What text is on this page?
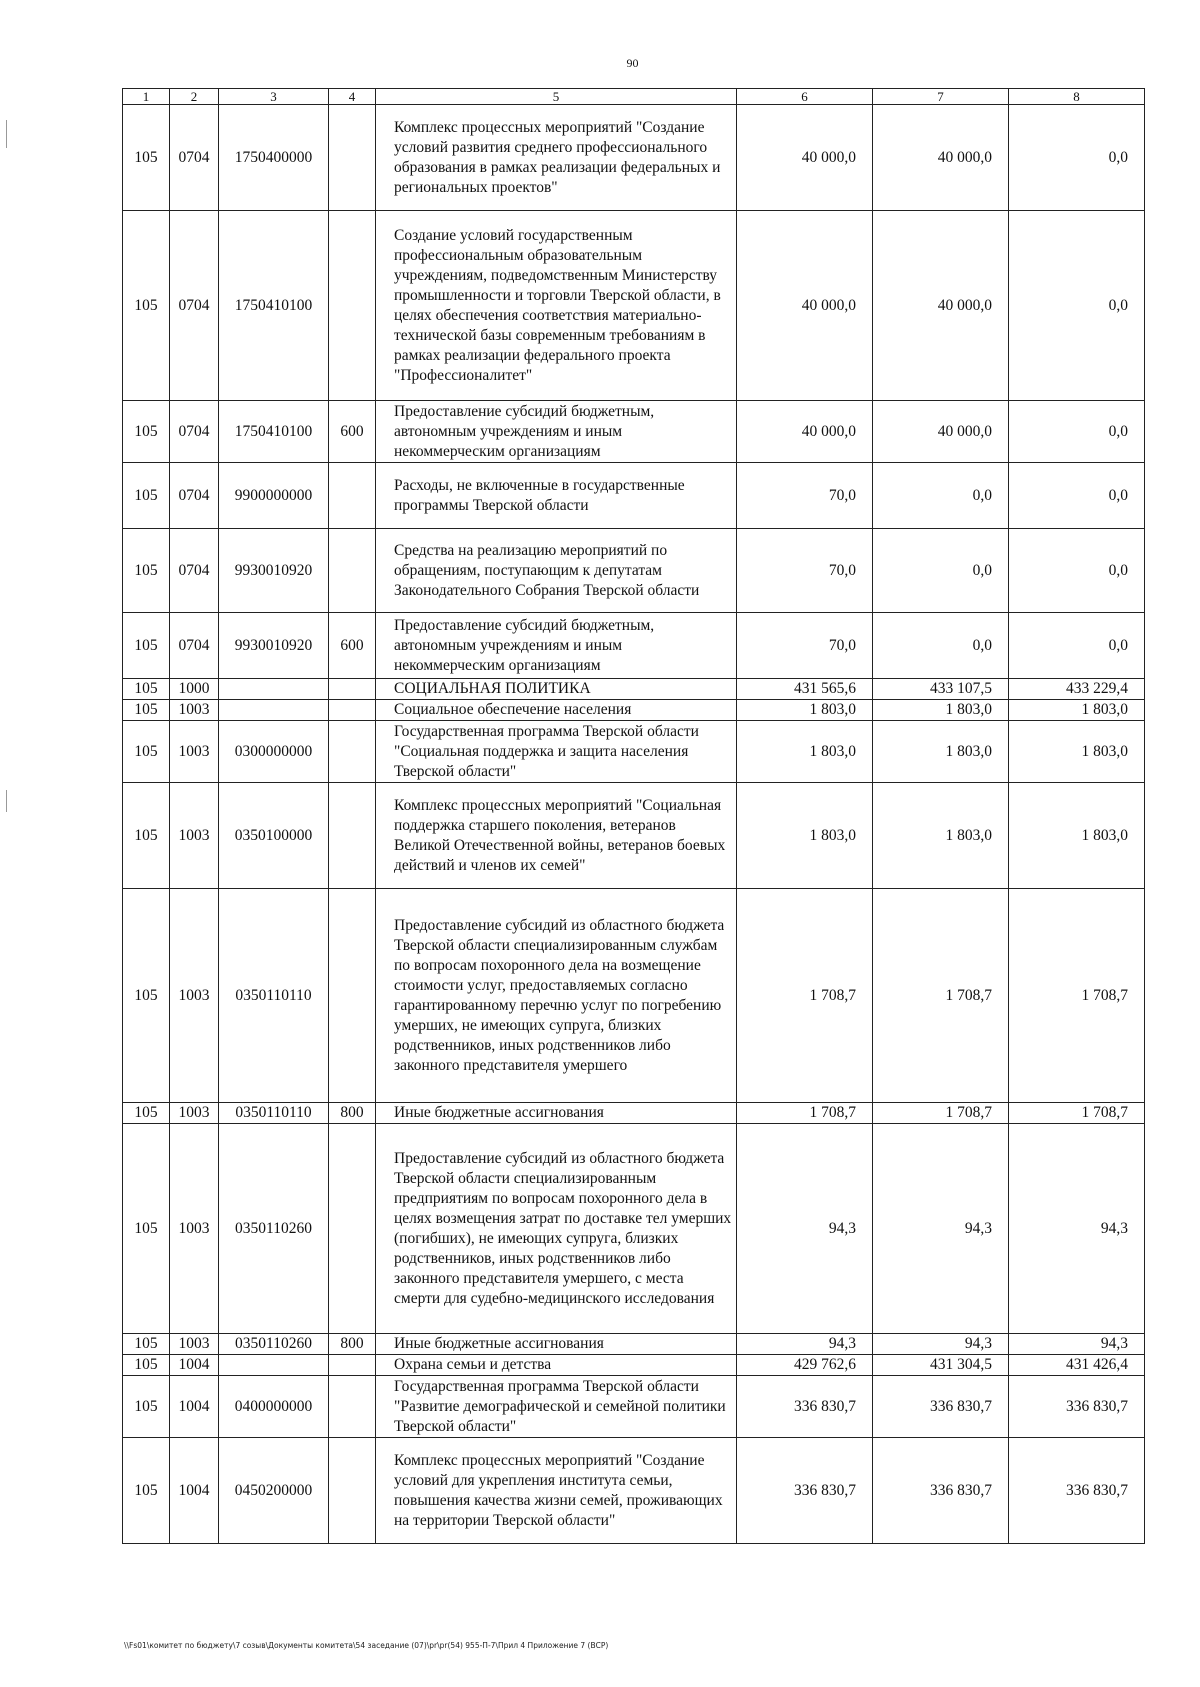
90
1	2	3	4	5	6	7	8
105	0704	1750400000		Комплекс процессных мероприятий "Создание условий развития среднего профессионального образования в рамках реализации федеральных и региональных проектов"	40 000,0	40 000,0	0,0
105	0704	1750410100		Создание условий государственным профессиональным образовательным учреждениям, подведомственным Министерству промышленности и торговли Тверской области, в целях обеспечения соответствия материально-технической базы современным требованиям в рамках реализации федерального проекта "Профессионалитет"	40 000,0	40 000,0	0,0
105	0704	1750410100	600	Предоставление субсидий бюджетным, автономным учреждениям и иным некоммерческим организациям	40 000,0	40 000,0	0,0
105	0704	9900000000		Расходы, не включенные в государственные программы Тверской области	70,0	0,0	0,0
105	0704	9930010920		Средства на реализацию мероприятий по обращениям, поступающим к депутатам Законодательного Собрания Тверской области	70,0	0,0	0,0
105	0704	9930010920	600	Предоставление субсидий бюджетным, автономным учреждениям и иным некоммерческим организациям	70,0	0,0	0,0
105	1000			СОЦИАЛЬНАЯ ПОЛИТИКА	431 565,6	433 107,5	433 229,4
105	1003			Социальное обеспечение населения	1 803,0	1 803,0	1 803,0
105	1003	0300000000		Государственная программа Тверской области "Социальная поддержка и защита населения Тверской области"	1 803,0	1 803,0	1 803,0
105	1003	0350100000		Комплекс процессных мероприятий "Социальная поддержка старшего поколения, ветеранов Великой Отечественной войны, ветеранов боевых действий и членов их семей"	1 803,0	1 803,0	1 803,0
105	1003	0350110110		Предоставление субсидий из областного бюджета Тверской области специализированным службам по вопросам похоронного дела на возмещение стоимости услуг, предоставляемых согласно гарантированному перечню услуг по погребению умерших, не имеющих супруга, близких родственников, иных родственников либо законного представителя умершего	1 708,7	1 708,7	1 708,7
105	1003	0350110110	800	Иные бюджетные ассигнования	1 708,7	1 708,7	1 708,7
105	1003	0350110260		Предоставление субсидий из областного бюджета Тверской области специализированным предприятиям по вопросам похоронного дела в целях возмещения затрат по доставке тел умерших (погибших), не имеющих супруга, близких родственников, иных родственников либо законного представителя умершего, с места смерти для судебно-медицинского исследования	94,3	94,3	94,3
105	1003	0350110260	800	Иные бюджетные ассигнования	94,3	94,3	94,3
105	1004			Охрана семьи и детства	429 762,6	431 304,5	431 426,4
105	1004	0400000000		Государственная программа Тверской области "Развитие демографической и семейной политики Тверской области"	336 830,7	336 830,7	336 830,7
105	1004	0450200000		Комплекс процессных мероприятий "Создание условий для укрепления института семьи, повышения качества жизни семей, проживающих на территории Тверской области"	336 830,7	336 830,7	336 830,7
\\Fs01\комитет по бюджету\7 созыв\Документы комитета\54 заседание (07)\pr\pr(54) 955-П-7\Прил 4 Приложение 7 (ВСР)
